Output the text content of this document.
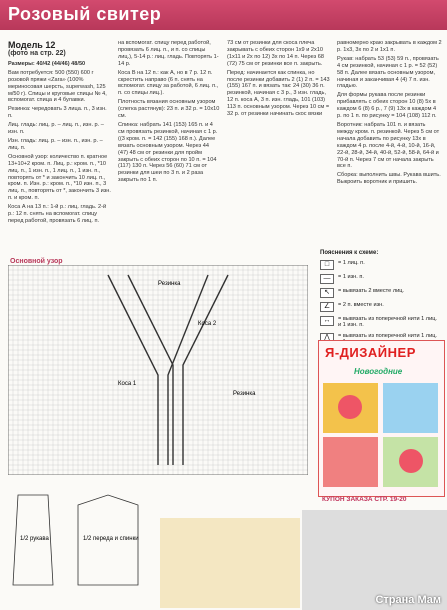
Розовый свитер
Модель 12
(фото на стр. 22)

Размеры: 40/42 (44/46) 48/50

Вам потребуется: 500 (550) 600 г розовой пряжи «Zara» (100% мериносовая шерсть, superwash, 125 м/50 г). Спицы и круговые спицы № 4, вспомогат. спица и 4 булавки.

Резинка: чередовать 3 лица. п., 3 изн. п.

Лиц. гладь: лиц. р. – лиц. п., изн. р. – изн. п.

Изн. гладь: лиц. р. – изн. п., изн. р. – лиц. п.

Основной узор: количество п. кратное 13+10+2 кром. п. Лиц. р.: кром. п., *10 лиц. п., 1 изн. п., 1 лиц. п., 1 изн. п., повторять от * и закончить 10 лиц. п., кром. п. Изн. р.: кром. п., *10 изн. п., 3 лиц. п., повторять от *, закончить 3 изн. п. и кром. п.

Коса А на 13 п.: 1-й р.: лиц. гладь. 2-й р.: 12 п. снять на вспомогат. спицу перед работой, провязать 6 лиц. п.

на вспомогат. спицу перед работой, провязать 6 лиц. п., и п. со спицы лиц.), 5-14 р.: лиц. гладь. Повторять 1-14 р.

Коса В на 12 п.: как А, но в 7 р. 12 п. скрестить направо (6 п. снять на вспомогат. спицу за работой, 6 лиц. п., п. со спицы лиц.).

Плотность вязания основным узором (слегка растянув): 23 п. и 32 р. = 10x10 см.

Спинка: набрать 141 (153) 165 п. и 4 см провязать резинкой, начиная с 1 р. ((3 кром. п. = 142 (155) 168 п.). Далее вязать основным узором. Через 44 (47) 48 см от резинки для пройм закрыть с обеих сторон по 10 п. = 104 (117) 130 п. Через 56 (60) 71 см от резинки для шеи по 3 п. и 2 раза закрыть по 1 п.

73 см от резинки для скоса плеча закрывать с обеих сторон 1x9 и 2x10 (1x11 и 2x по 12) 3x по 14 п. Через 68 (72) 75 см от резинки все п. закрыть.

Перед: начинается как спинка, но после резинки добавить 2 (1) 2 п. = 143 (155) 167 п. и вязать так: 24 (30) 36 п. резинкой, начиная с 3 р., 3 изн. гладь, 12 п. коса А, 3 п. изн. гладь, 101 (103) 113 п. основным узором. Через 10 см = 32 р. от резинки начинать скос вязки

равномерно краю закрывать в каждом 2 р. 1x3, 3x по 2 и 1x1 п.

Рукав: набрать 53 (53) 59 п., провязать 4 см резинкой, начиная с 1 р. = 52 (52) 58 п. Далее вязать основным узором, начиная и заканчивая 4 (4) 7 п. изн. гладью.

Для формы рукава после резинки прибавлять с обеих сторон 10 (8) 5x в каждом 6 (8) 6 р., 7 (9) 13x в каждом 4 р. по 1 п. по рисунку = 104 (108) 112 п.

Воротник: набрать 101 п. и вязать между кром. п. резинкой. Через 5 см от начала добавить по рисунку 13x в каждом 4 р. после 4-й, 4-й, 10-й, 16-й, 22-й, 28-й, 34-й, 40-й, 52-й, 58-й, 64-й и 70-й п. Через 7 см от начала закрыть все п.

Сборка: выполнить швы. Рукава вшить. Выкроить воротник и пришить.

Основной узор
Резинка
Коса 2
Коса 1
Резинка
Пояснения к схеме:
□	= 1 лиц. п.
—	= 1 изн. п.
↖	= вывязать 2 вместе лиц.
∠	= 2 п. вместе изн.
↔	= вывязать из поперечной нити 1 лиц. и 1 изн. п.
⋀	= вывязать из поперечной нити 1 лиц.
Я-ДИЗАЙНЕР
Новогодние
КУПОН ЗАКАЗА СТР. 19-20
1/2 рукава	1/2 переда и спинки
Страна Мам
